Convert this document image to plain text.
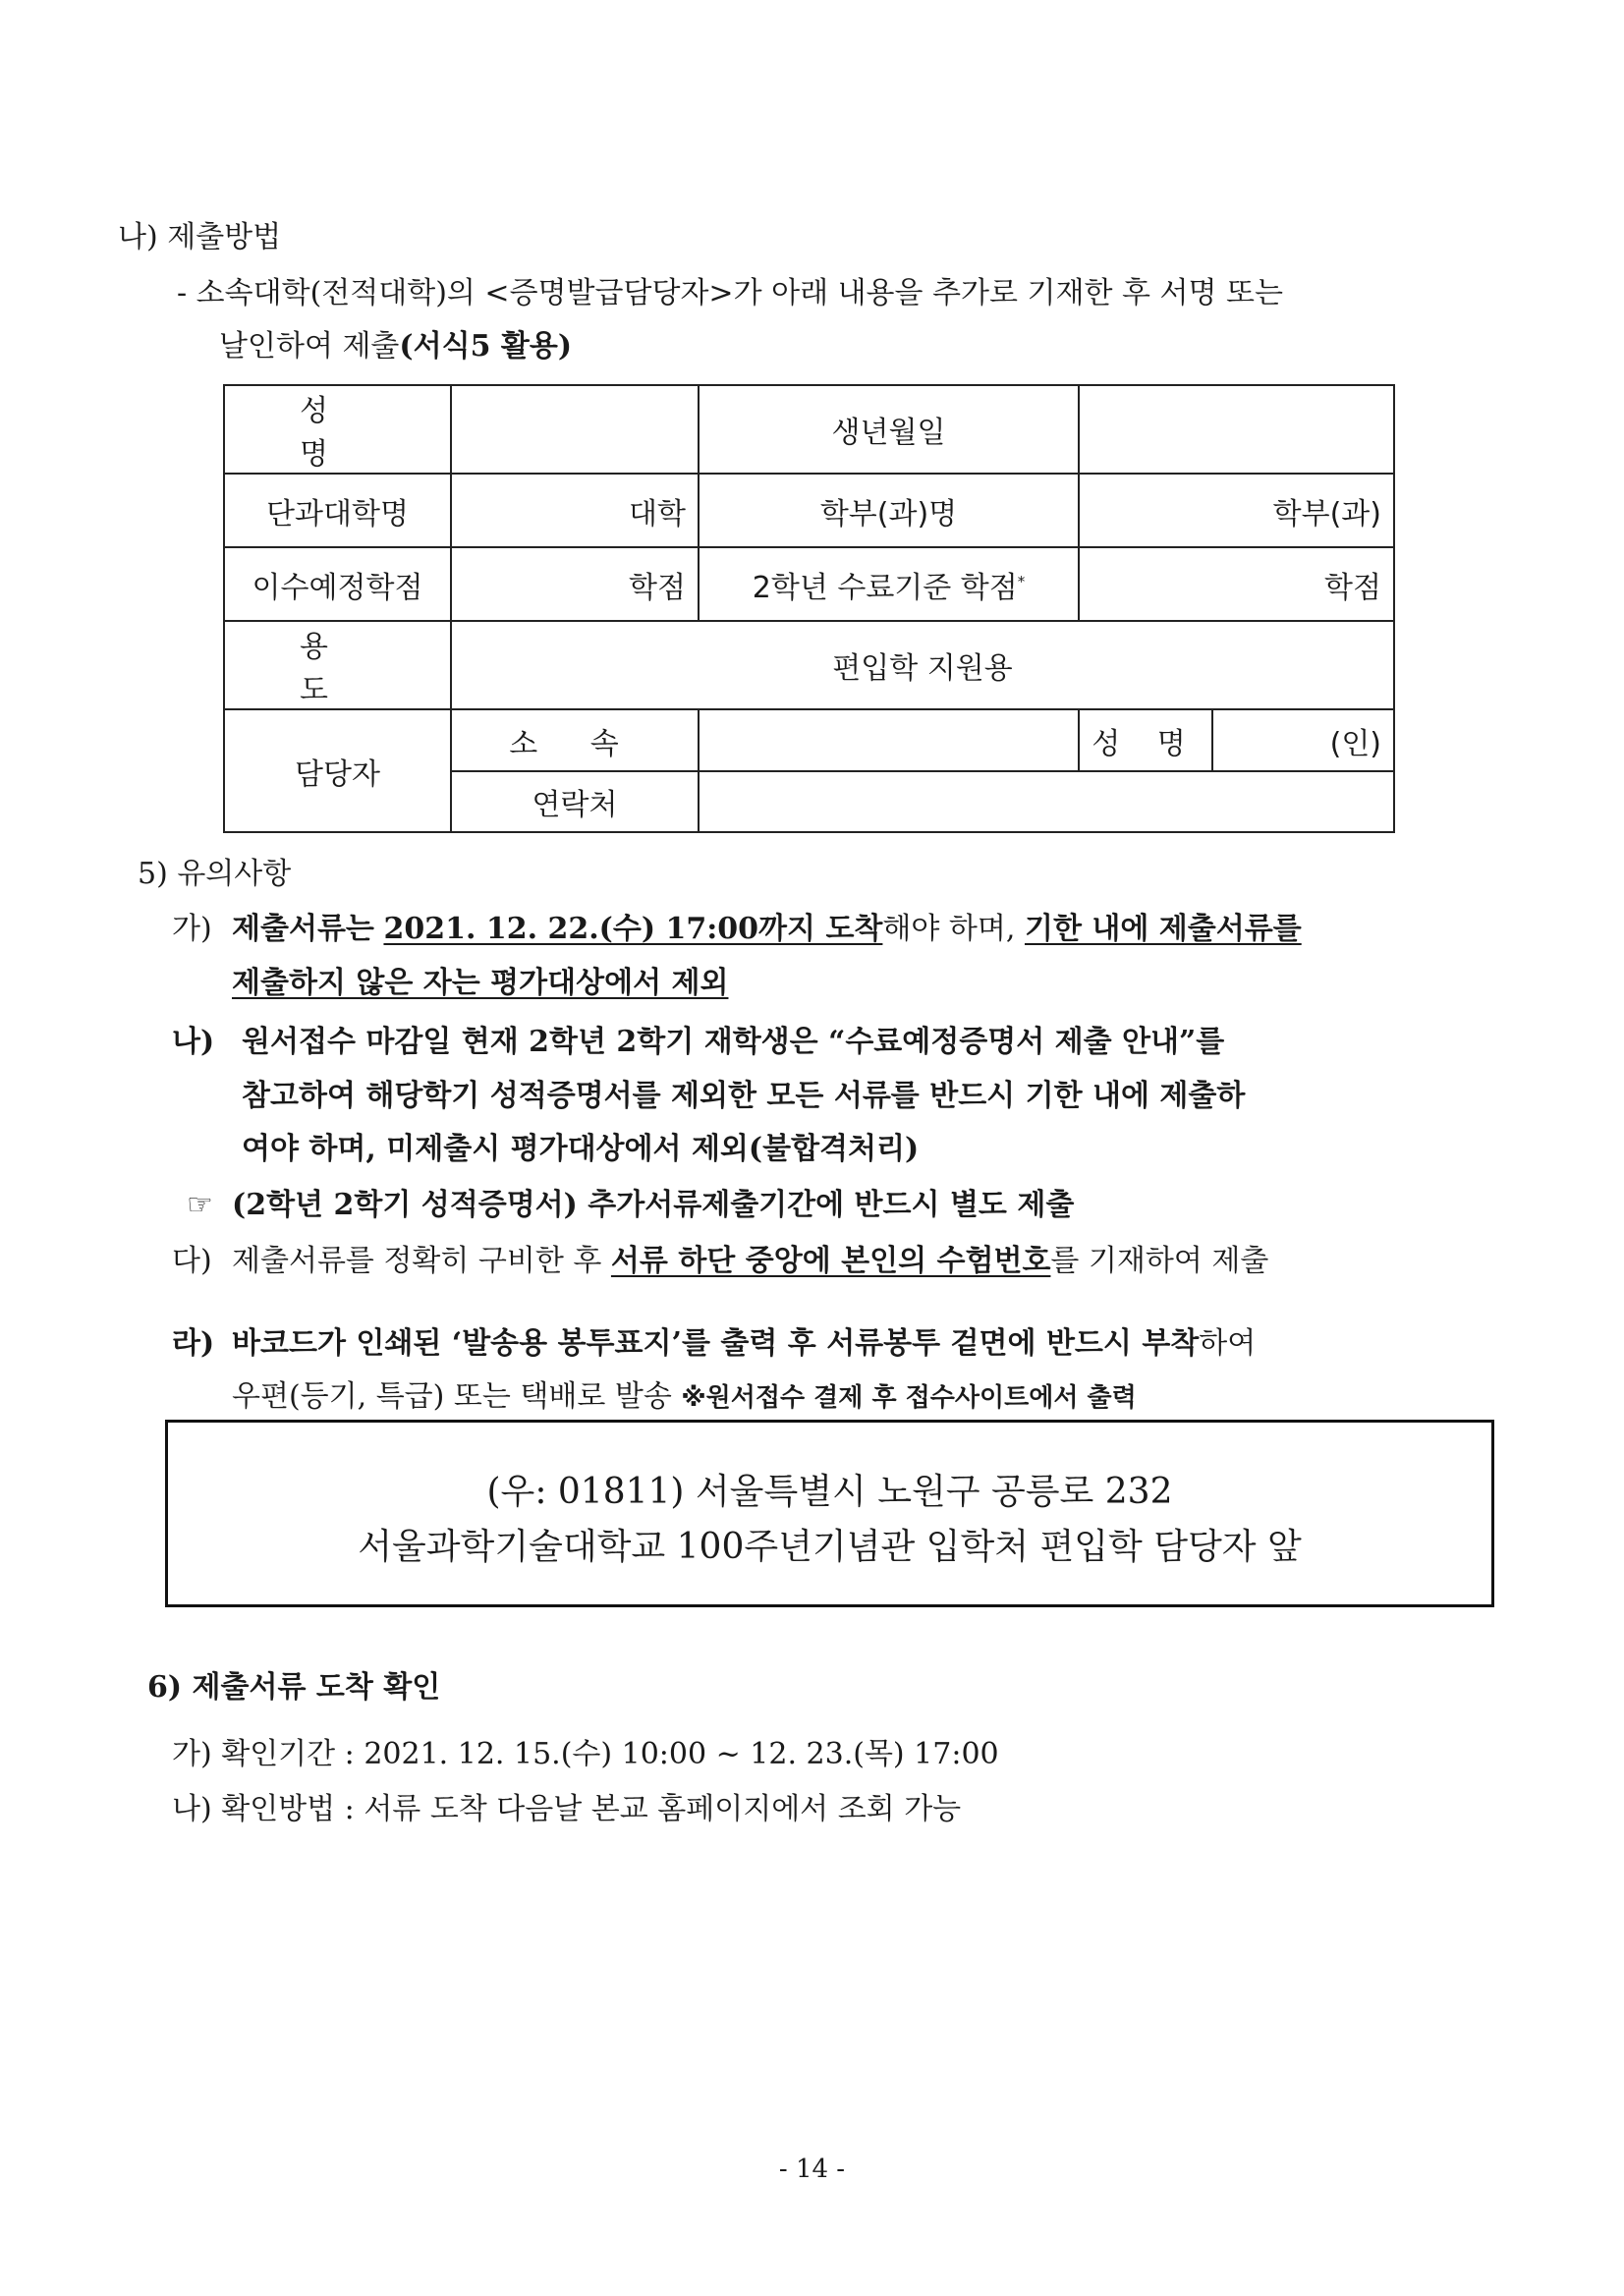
나) 제출방법
- 소속대학(전적대학)의 <증명발급담당자>가 아래 내용을 추가로 기재한 후 서명 또는
날인하여 제출(서식5 활용)
성 명		생년월일		
단과대학명	대학	학부(과)명	학부(과)	
이수예정학점	학점	2학년 수료기준 학점*	학점	
용 도	편입학 지원용			
담당자	소 속		성 명	(인)
	연락처			
5) 유의사항
가) 제출서류는 2021. 12. 22.(수) 17:00까지 도착해야 하며, 기한 내에 제출서류를
제출하지 않은 자는 평가대상에서 제외
나) 원서접수 마감일 현재 2학년 2학기 재학생은 “수료예정증명서 제출 안내”를
참고하여 해당학기 성적증명서를 제외한 모든 서류를 반드시 기한 내에 제출하
여야 하며, 미제출시 평가대상에서 제외(불합격처리)
☞ (2학년 2학기 성적증명서) 추가서류제출기간에 반드시 별도 제출
다) 제출서류를 정확히 구비한 후 서류 하단 중앙에 본인의 수험번호를 기재하여 제출
라) 바코드가 인쇄된 ‘발송용 봉투표지’를 출력 후 서류봉투 겉면에 반드시 부착하여
우편(등기, 특급) 또는 택배로 발송 ※원서접수 결제 후 접수사이트에서 출력
(우: 01811) 서울특별시 노원구 공릉로 232
서울과학기술대학교 100주년기념관 입학처 편입학 담당자 앞
6) 제출서류 도착 확인
가) 확인기간 : 2021. 12. 15.(수) 10:00 ~ 12. 23.(목) 17:00
나) 확인방법 : 서류 도착 다음날 본교 홈페이지에서 조회 가능
- 14 -
